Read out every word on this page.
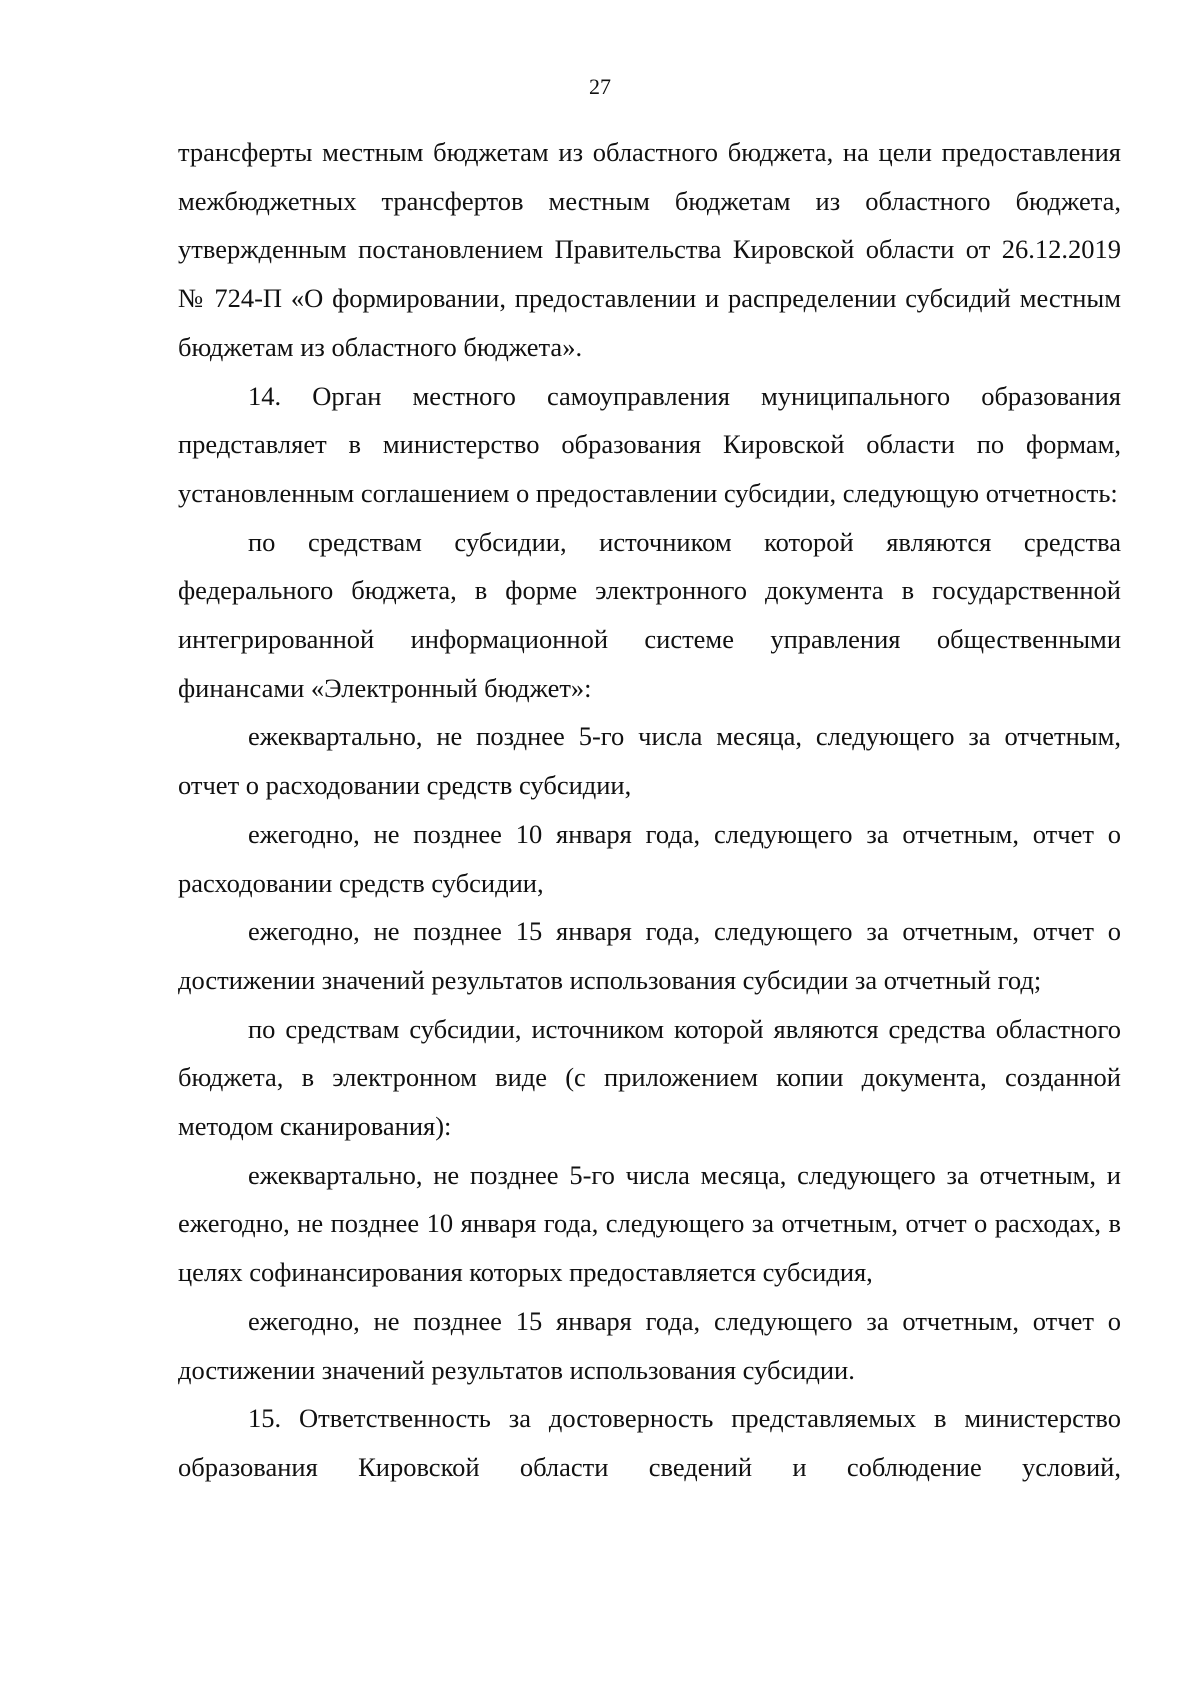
27

трансферты местным бюджетам из областного бюджета, на цели предоставления межбюджетных трансфертов местным бюджетам из областного бюджета, утвержденным постановлением Правительства Кировской области от 26.12.2019 № 724-П «О формировании, предоставлении и распределении субсидий местным бюджетам из областного бюджета».

14. Орган местного самоуправления муниципального образования представляет в министерство образования Кировской области по формам, установленным соглашением о предоставлении субсидии, следующую отчетность:

по средствам субсидии, источником которой являются средства федерального бюджета, в форме электронного документа в государственной интегрированной информационной системе управления общественными финансами «Электронный бюджет»:

ежеквартально, не позднее 5-го числа месяца, следующего за отчетным, отчет о расходовании средств субсидии,

ежегодно, не позднее 10 января года, следующего за отчетным, отчет о расходовании средств субсидии,

ежегодно, не позднее 15 января года, следующего за отчетным, отчет о достижении значений результатов использования субсидии за отчетный год;

по средствам субсидии, источником которой являются средства областного бюджета, в электронном виде (с приложением копии документа, созданной методом сканирования):

ежеквартально, не позднее 5-го числа месяца, следующего за отчетным, и ежегодно, не позднее 10 января года, следующего за отчетным, отчет о расходах, в целях софинансирования которых предоставляется субсидия,

ежегодно, не позднее 15 января года, следующего за отчетным, отчет о достижении значений результатов использования субсидии.

15. Ответственность за достоверность представляемых в министерство образования Кировской области сведений и соблюдение условий,
